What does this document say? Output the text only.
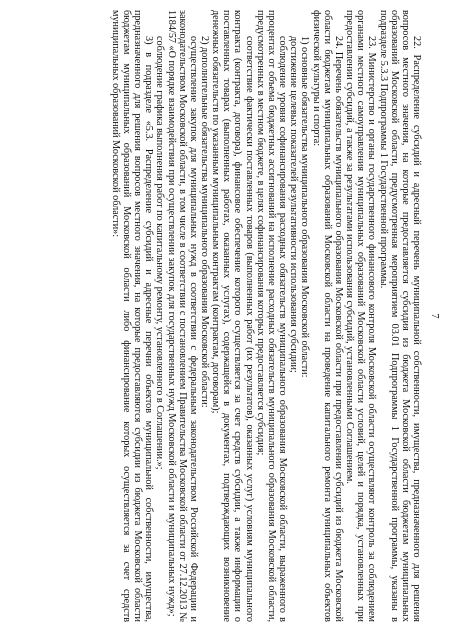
7

22. Распределение субсидий и адресный перечень муниципальной собственности, имущества, предназначенного для решения вопросов местного значения, на которые предоставляется субсидия из бюджета Московской области бюджетам муниципальных образований Московской области, предусмотренная мероприятием 03.01 Подпрограммы 1 Государственной программы, указаны в подразделе 5.3.3 Подпрограммы 1 Государственной программы.

23. Министерство и органы государственного финансового контроля Московской области осуществляют контроль за соблюдением органами местного самоуправления муниципальных образований Московской области условий, целей и порядка, установленных при предоставлении субсидий, а также за результатами использования субсидий, установленными Соглашением.

24. Перечень обязательств муниципального образования Московской области при предоставлении субсидий из бюджета Московской области бюджетам муниципальных образований Московской области на проведение капитального ремонта муниципальных объектов физической культуры и спорта:

1) основные обязательства муниципального образования Московской области:

достижение целевых показателей результативности использования субсидии;

соблюдение уровня софинансирования расходных обязательств муниципального образования Московской области, выраженного в процентах от объема бюджетных ассигнований на исполнение расходных обязательств муниципального образования Московской области, предусмотренных в местном бюджете, в целях софинансирования которых предоставляется субсидия;

соответствие фактически поставленных товаров (выполненных работ (их результатов), оказанных услуг) условиям муниципального контракта (контракта, договора), финансовое обеспечение которого осуществляется за счет средств субсидии, а также информации о поставленных товарах (выполненных работах, оказанных услугах), содержащейся в документах, подтверждающих возникновение денежных обязательств по указанным муниципальным контрактам (контрактам, договорам);

2) дополнительные обязательства муниципального образования Московской области:

осуществление закупок для муниципальных нужд в соответствии с федеральным законодательством Российской Федерации и законодательством Московской области, в том числе в соответствии с постановлением Правительства Московской области от 27.12.2013 № 1184/57 «О порядке взаимодействия при осуществлении закупок для государственных нужд Московской области и муниципальных нужд»;

соблюдение графика выполнения работ по капитальному ремонту, установленного в Соглашении.»;

3) в подразделе «5.3. Распределение субсидий и адресные перечни объектов муниципальной собственности, имущества, предназначенного для решения вопросов местного значения, на которые предоставляются субсидии из бюджета Московской области бюджетам муниципальных образований Московской области либо финансирование которых осуществляется за счет средств муниципальных образований Московской области»:
